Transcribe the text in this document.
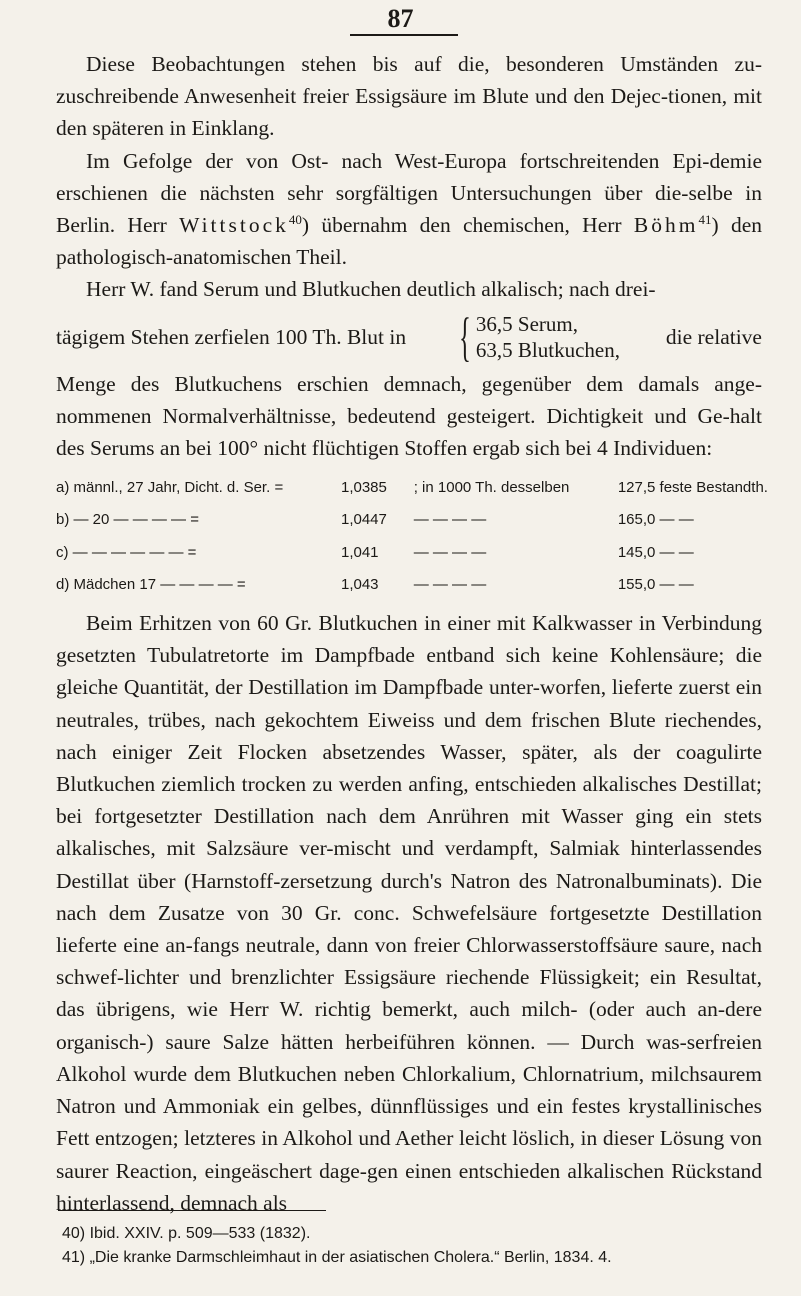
87

Diese Beobachtungen stehen bis auf die, besonderen Umständen zu-zuschreibende Anwesenheit freier Essigsäure im Blute und den Dejec-tionen, mit den späteren in Einklang.

Im Gefolge der von Ost- nach West-Europa fortschreitenden Epi-demie erschienen die nächsten sehr sorgfältigen Untersuchungen über die-selbe in Berlin. Herr Wittstock$^{40}$) übernahm den chemischen, Herr Böhm$^{41}$) den pathologisch-anatomischen Theil.

Herr W. fand Serum und Blutkuchen deutlich alkalisch; nach drei-

tägigem Stehen zerfielen 100 Th. Blut in { 36,5 Serum,
63,5 Blutkuchen,
die relative

Menge des Blutkuchens erschien demnach, gegenüber dem damals ange-nommenen Normalverhältnisse, bedeutend gesteigert. Dichtigkeit und Ge-halt des Serums an bei 100° nicht flüchtigen Stoffen ergab sich bei 4 Individuen:

a) männl., 27 Jahr, Dicht. d. Ser. =	1,0385	; in 1000 Th. desselben	127,5 feste Bestandth.
b) — 20 — — — — =	1,0447	— — — —	165,0 — —
c) — — — — — — =	1,041	— — — —	145,0 — —
d) Mädchen 17 — — — — =	1,043	— — — —	155,0 — —

Beim Erhitzen von 60 Gr. Blutkuchen in einer mit Kalkwasser in Verbindung gesetzten Tubulatretorte im Dampfbade entband sich keine Kohlensäure; die gleiche Quantität, der Destillation im Dampfbade unter-worfen, lieferte zuerst ein neutrales, trübes, nach gekochtem Eiweiss und dem frischen Blute riechendes, nach einiger Zeit Flocken absetzendes Wasser, später, als der coagulirte Blutkuchen ziemlich trocken zu werden anfing, entschieden alkalisches Destillat; bei fortgesetzter Destillation nach dem Anrühren mit Wasser ging ein stets alkalisches, mit Salzsäure ver-mischt und verdampft, Salmiak hinterlassendes Destillat über (Harnstoff-zersetzung durch's Natron des Natronalbuminats). Die nach dem Zusatze von 30 Gr. conc. Schwefelsäure fortgesetzte Destillation lieferte eine an-fangs neutrale, dann von freier Chlorwasserstoffsäure saure, nach schwef-lichter und brenzlichter Essigsäure riechende Flüssigkeit; ein Resultat, das übrigens, wie Herr W. richtig bemerkt, auch milch- (oder auch an-dere organisch-) saure Salze hätten herbeiführen können. — Durch was-serfreien Alkohol wurde dem Blutkuchen neben Chlorkalium, Chlornatrium, milchsaurem Natron und Ammoniak ein gelbes, dünnflüssiges und ein festes krystallinisches Fett entzogen; letzteres in Alkohol und Aether leicht löslich, in dieser Lösung von saurer Reaction, eingeäschert dage-gen einen entschieden alkalischen Rückstand hinterlassend, demnach als

40) Ibid. XXIV. p. 509—533 (1832).
41) „Die kranke Darmschleimhaut in der asiatischen Cholera.“ Berlin, 1834. 4.
